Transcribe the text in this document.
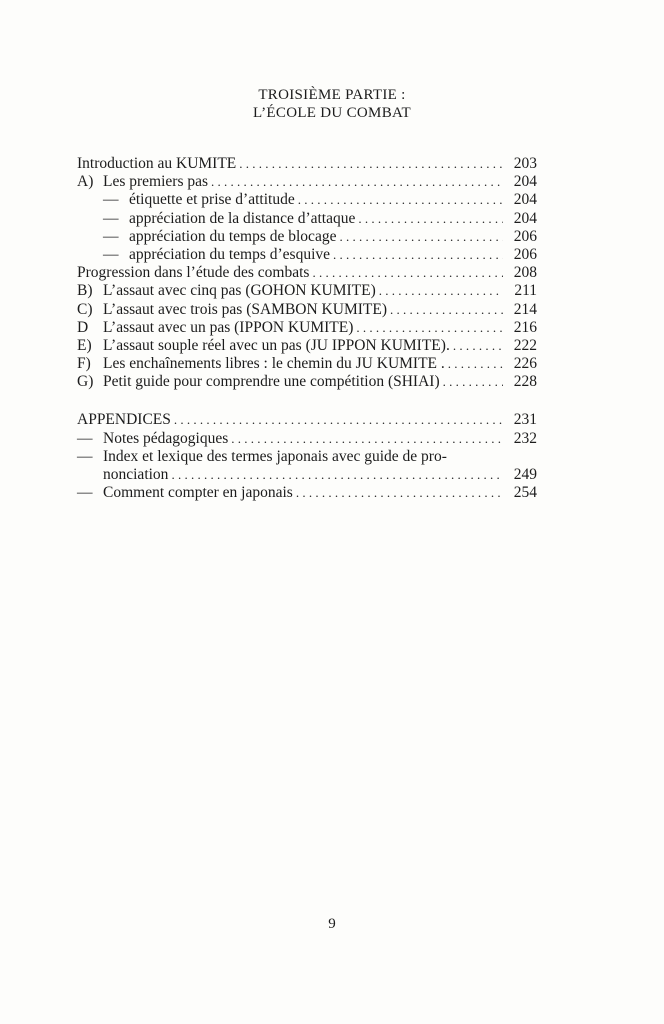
TROISIÈME PARTIE :
L’ÉCOLE DU COMBAT
Introduction au KUMITE . . .	203
A) Les premiers pas . . .	204
— étiquette et prise d’attitude . . .	204
— appréciation de la distance d’attaque . . .	204
— appréciation du temps de blocage . . .	206
— appréciation du temps d’esquive . . .	206
Progression dans l’étude des combats . . .	208
B) L’assaut avec cinq pas (GOHON KUMITE) . . .	211
C) L’assaut avec trois pas (SAMBON KUMITE) . . .	214
D L’assaut avec un pas (IPPON KUMITE) . . .	216
E) L’assaut souple réel avec un pas (JU IPPON KUMITE). . . .	222
F) Les enchaînements libres : le chemin du JU KUMITE . . . .	226
G) Petit guide pour comprendre une compétition (SHIAI) . . .	228
APPENDICES . . .	231
— Notes pédagogiques . . .	232
— Index et lexique des termes japonais avec guide de pro-
nonciation . . .	249
— Comment compter en japonais . . .	254
9
